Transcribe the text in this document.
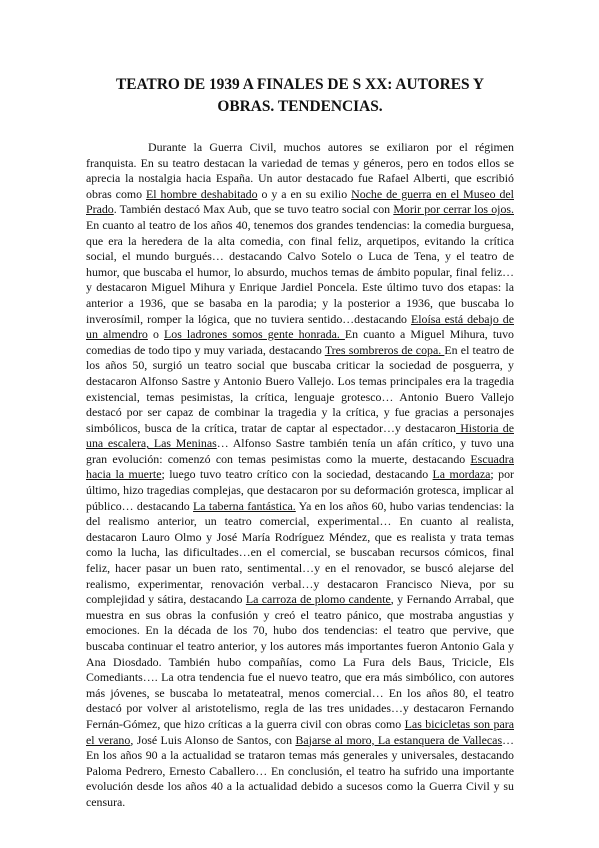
TEATRO DE 1939 A FINALES DE S XX: AUTORES Y OBRAS. TENDENCIAS.

Durante la Guerra Civil, muchos autores se exiliaron por el régimen franquista. En su teatro destacan la variedad de temas y géneros, pero en todos ellos se aprecia la nostalgia hacia España. Un autor destacado fue Rafael Alberti, que escribió obras como El hombre deshabitado o y a en su exilio Noche de guerra en el Museo del Prado. También destacó Max Aub, que se tuvo teatro social con Morir por cerrar los ojos. En cuanto al teatro de los años 40, tenemos dos grandes tendencias: la comedia burguesa, que era la heredera de la alta comedia, con final feliz, arquetipos, evitando la crítica social, el mundo burgués… destacando Calvo Sotelo o Luca de Tena, y el teatro de humor, que buscaba el humor, lo absurdo, muchos temas de ámbito popular, final feliz…y destacaron Miguel Mihura y Enrique Jardiel Poncela. Este último tuvo dos etapas: la anterior a 1936, que se basaba en la parodia; y la posterior a 1936, que buscaba lo inverosímil, romper la lógica, que no tuviera sentido…destacando Eloísa está debajo de un almendro o Los ladrones somos gente honrada. En cuanto a Miguel Mihura, tuvo comedias de todo tipo y muy variada, destacando Tres sombreros de copa. En el teatro de los años 50, surgió un teatro social que buscaba criticar la sociedad de posguerra, y destacaron Alfonso Sastre y Antonio Buero Vallejo. Los temas principales era la tragedia existencial, temas pesimistas, la crítica, lenguaje grotesco… Antonio Buero Vallejo destacó por ser capaz de combinar la tragedia y la crítica, y fue gracias a personajes simbólicos, busca de la crítica, tratar de captar al espectador…y destacaron Historia de una escalera, Las Meninas… Alfonso Sastre también tenía un afán crítico, y tuvo una gran evolución: comenzó con temas pesimistas como la muerte, destacando Escuadra hacia la muerte; luego tuvo teatro crítico con la sociedad, destacando La mordaza; por último, hizo tragedias complejas, que destacaron por su deformación grotesca, implicar al público… destacando La taberna fantástica. Ya en los años 60, hubo varias tendencias: la del realismo anterior, un teatro comercial, experimental… En cuanto al realista, destacaron Lauro Olmo y José María Rodríguez Méndez, que es realista y trata temas como la lucha, las dificultades…en el comercial, se buscaban recursos cómicos, final feliz, hacer pasar un buen rato, sentimental…y en el renovador, se buscó alejarse del realismo, experimentar, renovación verbal…y destacaron Francisco Nieva, por su complejidad y sátira, destacando La carroza de plomo candente, y Fernando Arrabal, que muestra en sus obras la confusión y creó el teatro pánico, que mostraba angustias y emociones. En la década de los 70, hubo dos tendencias: el teatro que pervive, que buscaba continuar el teatro anterior, y los autores más importantes fueron Antonio Gala y Ana Diosdado. También hubo compañías, como La Fura dels Baus, Tricicle, Els Comediants…. La otra tendencia fue el nuevo teatro, que era más simbólico, con autores más jóvenes, se buscaba lo metateatral, menos comercial… En los años 80, el teatro destacó por volver al aristotelismo, regla de las tres unidades…y destacaron Fernando Fernán-Gómez, que hizo críticas a la guerra civil con obras como Las bicicletas son para el verano, José Luis Alonso de Santos, con Bajarse al moro, La estanquera de Vallecas… En los años 90 a la actualidad se trataron temas más generales y universales, destacando Paloma Pedrero, Ernesto Caballero… En conclusión, el teatro ha sufrido una importante evolución desde los años 40 a la actualidad debido a sucesos como la Guerra Civil y su censura.
